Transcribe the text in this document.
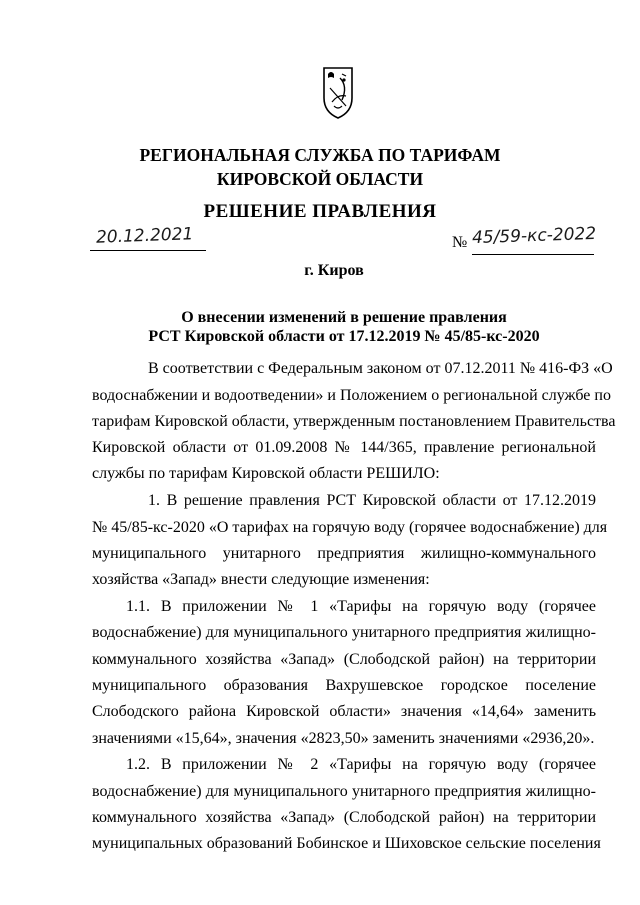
РЕГИОНАЛЬНАЯ СЛУЖБА ПО ТАРИФАМ
КИРОВСКОЙ ОБЛАСТИ
РЕШЕНИЕ ПРАВЛЕНИЯ
20.12.2021	№ 45/59-кс-2022
г. Киров
О внесении изменений в решение правления
РСТ Кировской области от 17.12.2019 № 45/85-кс-2020
В соответствии с Федеральным законом от 07.12.2011 № 416-ФЗ «О
водоснабжении и водоотведении» и Положением о региональной службе по
тарифам Кировской области, утвержденным постановлением Правительства
Кировской области от 01.09.2008 № 144/365, правление региональной
службы по тарифам Кировской области РЕШИЛО:
1. В решение правления РСТ Кировской области от 17.12.2019
№ 45/85-кс-2020 «О тарифах на горячую воду (горячее водоснабжение) для
муниципального унитарного предприятия жилищно-коммунального
хозяйства «Запад» внести следующие изменения:
1.1. В приложении № 1 «Тарифы на горячую воду (горячее
водоснабжение) для муниципального унитарного предприятия жилищно-
коммунального хозяйства «Запад» (Слободской район) на территории
муниципального образования Вахрушевское городское поселение
Слободского района Кировской области» значения «14,64» заменить
значениями «15,64», значения «2823,50» заменить значениями «2936,20».
1.2. В приложении № 2 «Тарифы на горячую воду (горячее
водоснабжение) для муниципального унитарного предприятия жилищно-
коммунального хозяйства «Запад» (Слободской район) на территории
муниципальных образований Бобинское и Шиховское сельские поселения
